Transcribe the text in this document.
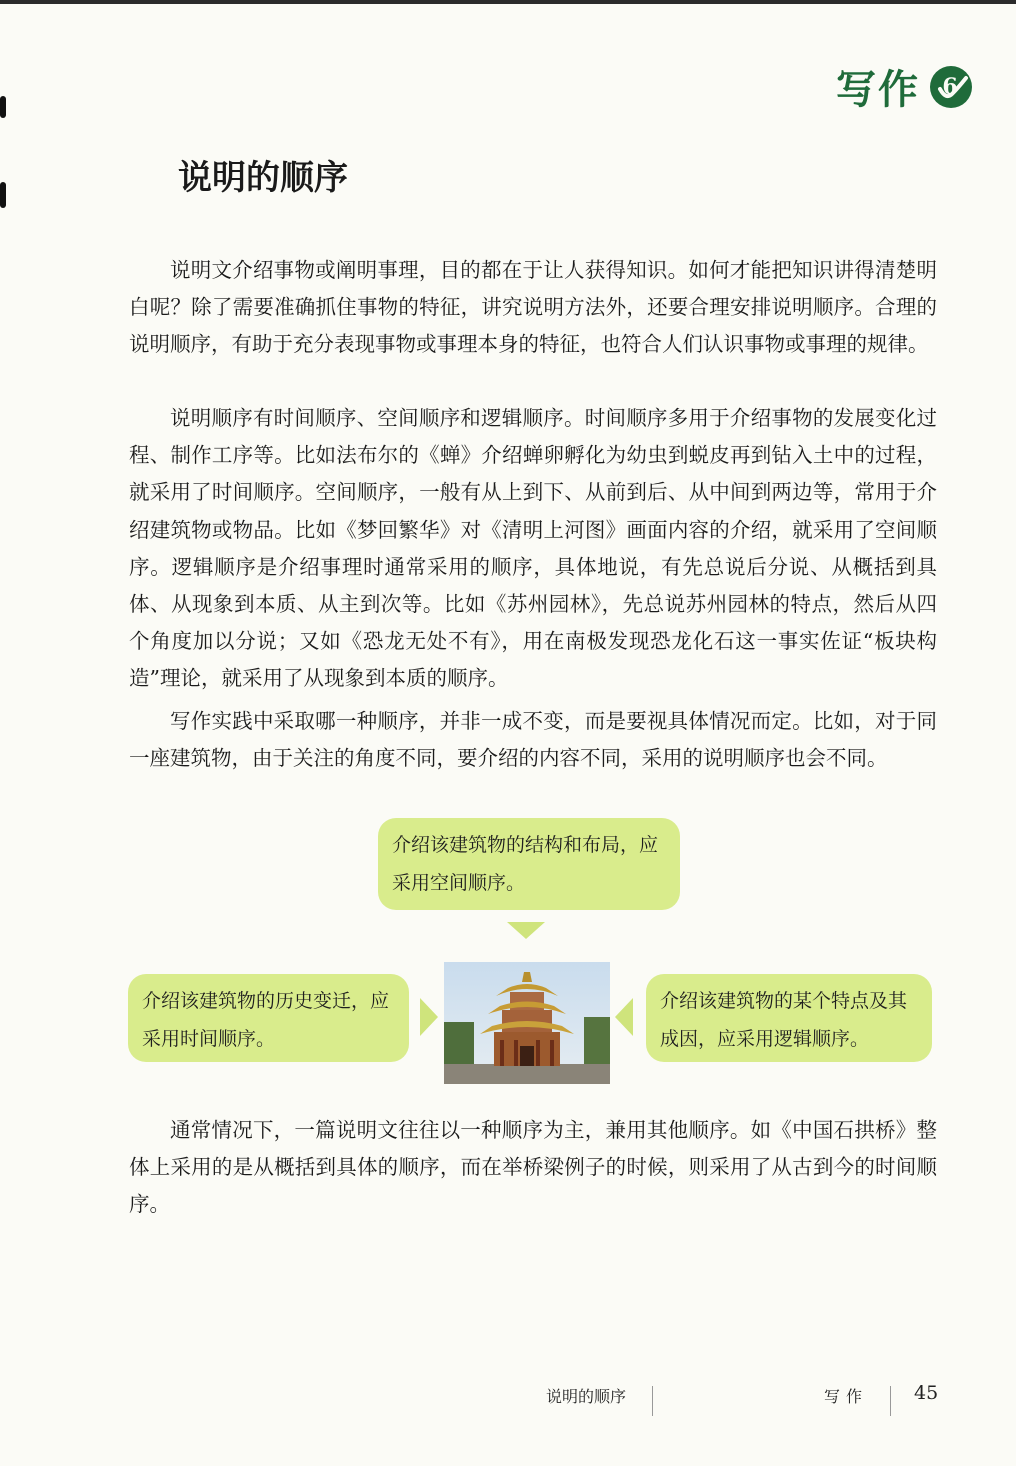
写作 6
说明的顺序

说明文介绍事物或阐明事理，目的都在于让人获得知识。如何才能把知识讲得清楚明白呢？除了需要准确抓住事物的特征，讲究说明方法外，还要合理安排说明顺序。合理的说明顺序，有助于充分表现事物或事理本身的特征，也符合人们认识事物或事理的规律。

说明顺序有时间顺序、空间顺序和逻辑顺序。时间顺序多用于介绍事物的发展变化过程、制作工序等。比如法布尔的《蝉》介绍蝉卵孵化为幼虫到蜕皮再到钻入土中的过程，就采用了时间顺序。空间顺序，一般有从上到下、从前到后、从中间到两边等，常用于介绍建筑物或物品。比如《梦回繁华》对《清明上河图》画面内容的介绍，就采用了空间顺序。逻辑顺序是介绍事理时通常采用的顺序，具体地说，有先总说后分说、从概括到具体、从现象到本质、从主到次等。比如《苏州园林》，先总说苏州园林的特点，然后从四个角度加以分说；又如《恐龙无处不有》，用在南极发现恐龙化石这一事实佐证“板块构造”理论，就采用了从现象到本质的顺序。

写作实践中采取哪一种顺序，并非一成不变，而是要视具体情况而定。比如，对于同一座建筑物，由于关注的角度不同，要介绍的内容不同，采用的说明顺序也会不同。

介绍该建筑物的结构和布局，应采用空间顺序。
介绍该建筑物的历史变迁，应采用时间顺序。
介绍该建筑物的某个特点及其成因，应采用逻辑顺序。

通常情况下，一篇说明文往往以一种顺序为主，兼用其他顺序。如《中国石拱桥》整体上采用的是从概括到具体的顺序，而在举桥梁例子的时候，则采用了从古到今的时间顺序。

说明的顺序	写作 45
